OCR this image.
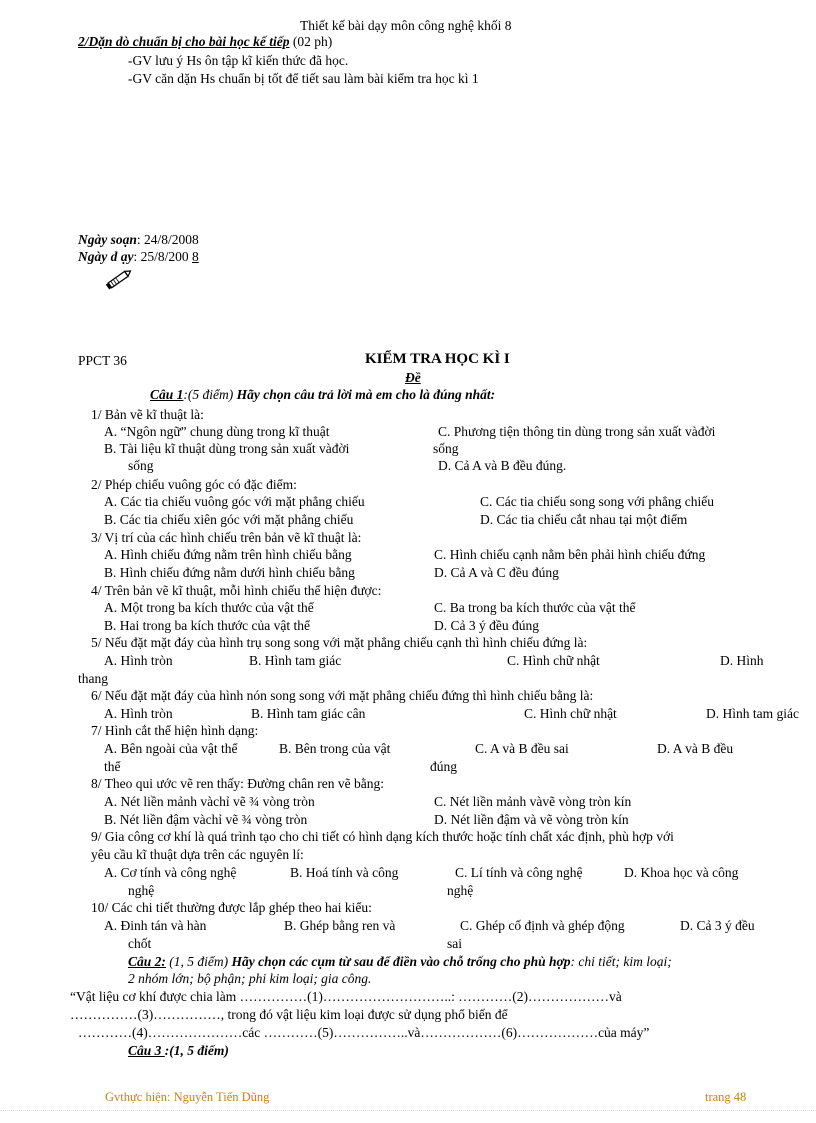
Thiết kế bài dạy môn công nghệ khối 8
2/Dặn dò chuẩn bị cho bài học kế tiếp (02 ph)
-GV lưu ý Hs ôn tập kĩ kiến thức đã học.
-GV căn dặn Hs chuẩn bị tốt để tiết sau làm bài kiểm tra học kì 1
Ngày soạn: 24/8/2008
Ngày d ạy: 25/8/200 8
PPCT 36	KIỂM TRA HỌC KÌ I
Đề
Câu 1:(5 điểm) Hãy chọn câu trả lời mà em cho là đúng nhất:
1/ Bản vẽ kĩ thuật là:
A. “Ngôn ngữ” chung dùng trong kĩ thuật	C. Phương tiện thông tin dùng trong sản xuất vàđời
B. Tài liệu kĩ thuật dùng trong sản xuất vàđời	sống
sống	D. Cả A và B đều đúng.
2/ Phép chiếu vuông góc có đặc điểm:
A. Các tia chiếu vuông góc với mặt phẳng chiếu	C. Các tia chiếu song song với phẳng chiếu
B. Các tia chiếu xiên góc với mặt phẳng chiếu	D. Các tia chiếu cắt nhau tại một điểm
3/ Vị trí của các hình chiếu trên bản vẽ kĩ thuật là:
A. Hình chiếu đứng nằm trên hình chiếu bằng	C. Hình chiếu cạnh nằm bên phải hình chiếu đứng
B. Hình chiếu đứng nằm dưới hình chiếu bằng	D. Cả A và C đều đúng
4/ Trên bản vẽ kĩ thuật, mỗi hình chiếu thể hiện được:
A. Một trong ba kích thước của vật thể	C. Ba trong ba kích thước của vật thể
B. Hai trong ba kích thước của vật thể	D. Cả 3 ý đều đúng
5/ Nếu đặt mặt đáy của hình trụ song song với mặt phẳng chiếu cạnh thì hình chiếu đứng là:
A. Hình tròn	B. Hình tam giác	C. Hình chữ nhật	D. Hình
thang
6/ Nếu đặt mặt đáy của hình nón song song với mặt phẳng chiếu đứng thì hình chiếu bằng là:
A. Hình tròn	B. Hình tam giác cân	C. Hình chữ nhật	D. Hình tam giác
7/ Hình cắt thể hiện hình dạng:
A. Bên ngoài của vật thể	B. Bên trong của vật	C. A và B đều sai	D. A và B đều
thể	đúng
8/ Theo qui ước vẽ ren thấy: Đường chân ren vẽ bằng:
A. Nét liền mảnh vàchỉ vẽ ¾ vòng tròn	C. Nét liền mảnh vàvẽ vòng tròn kín
B. Nét liền đậm vàchỉ vẽ ¾ vòng tròn	D. Nét liền đậm và vẽ vòng tròn kín
9/ Gia công cơ khí là quá trình tạo cho chi tiết có hình dạng kích thước hoặc tính chất xác định, phù hợp với
yêu cầu kĩ thuật dựa trên các nguyên lí:
A. Cơ tính và công nghệ	B. Hoá tính và công	C. Lí tính và công nghệ	D. Khoa học và công
nghệ	nghệ
10/ Các chi tiết thường được lắp ghép theo hai kiểu:
A. Đinh tán và hàn	B. Ghép bằng ren và	C. Ghép cố định và ghép động	D. Cả 3 ý đều
chốt	sai
Câu 2: (1, 5 điểm) Hãy chọn các cụm từ sau để điền vào chỗ trống cho phù hợp: chi tiết; kim loại;
2 nhóm lớn; bộ phận; phi kim loại; gia công.
“Vật liệu cơ khí được chia làm ……………(1)………………………..: …………(2)………………và
……………(3)……………, trong đó vật liệu kim loại được sử dụng phổ biến để
…………(4)…………………các …………(5)……………..và………………(6)………………của máy”
Câu 3 :(1, 5 điểm)
Gvthực hiện: Nguyễn Tiến Dũng	trang 48
